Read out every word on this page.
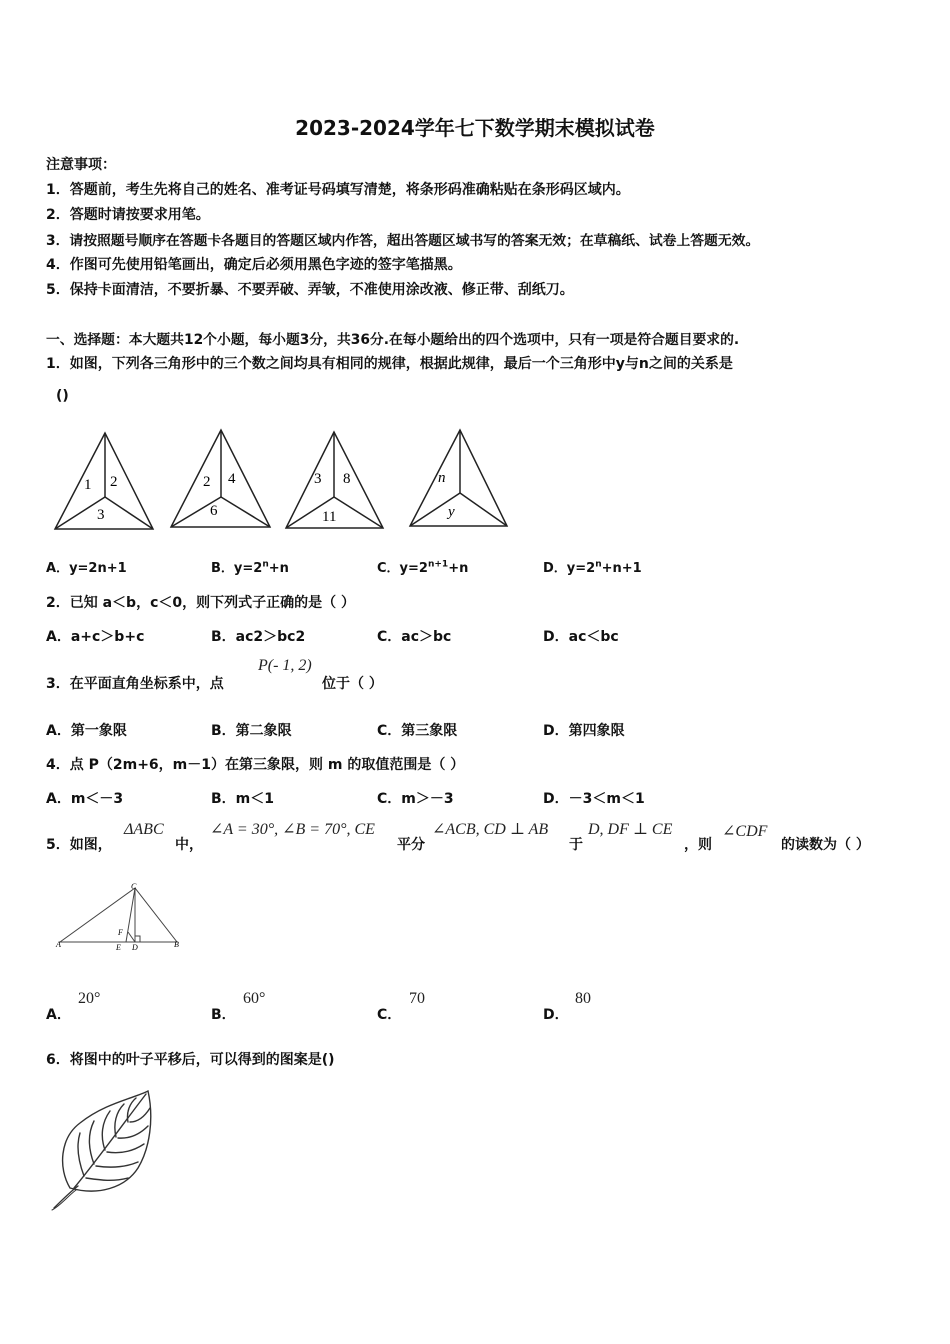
2023-2024学年七下数学期末模拟试卷
注意事项：
1．答题前，考生先将自己的姓名、准考证号码填写清楚，将条形码准确粘贴在条形码区域内。
2．答题时请按要求用笔。
3．请按照题号顺序在答题卡各题目的答题区域内作答，超出答题区域书写的答案无效；在草稿纸、试卷上答题无效。
4．作图可先使用铅笔画出，确定后必须用黑色字迹的签字笔描黑。
5．保持卡面清洁，不要折暴、不要弄破、弄皱，不准使用涂改液、修正带、刮纸刀。
一、选择题：本大题共12个小题，每小题3分，共36分.在每小题给出的四个选项中，只有一项是符合题目要求的.
1．如图，下列各三角形中的三个数之间均具有相同的规律，根据此规律，最后一个三角形中y与n之间的关系是
()
1 2
3
2 4
6
3 8
11
n
y
A．y=2n+1	B．$y=2^n+n$	C．$y=2^{n+1}+n$	D．$y=2^n+n+1$
2．已知 a＜b，c＜0，则下列式子正确的是（ ）
A．a+c＞b+c	B．ac2＞bc2	C．ac＞bc	D．ac＜bc
3．在平面直角坐标系中，点
P(- 1, 2)
位于（ ）
A．第一象限	B．第二象限	C．第三象限	D．第四象限
4．点 P（2m+6，m－1）在第三象限，则 m 的取值范围是（ ）
A．m＜－3	B．m＜1	C．m＞－3	D．－3＜m＜1
5．如图，
ΔABC
中，
∠A = 30°, ∠B = 70°, CE
平分
∠ACB, CD ⊥ AB
于
D, DF ⊥ CE
，则
∠CDF
的读数为（ ）
C
A	B
E D
F
A．
20°
B．
60°
C．
70
D．
80
6．将图中的叶子平移后，可以得到的图案是()
